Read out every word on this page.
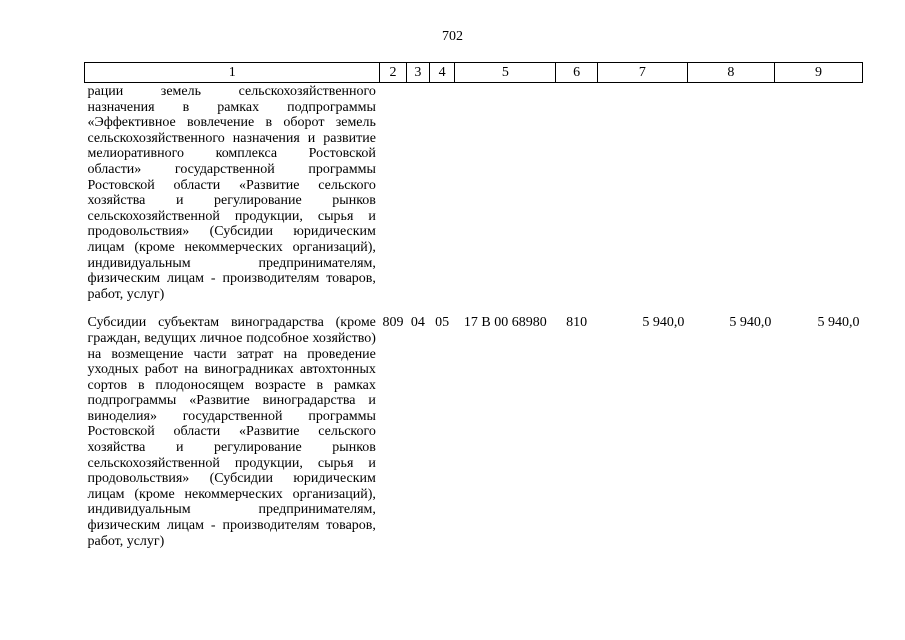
702
1	2	3	4	5	6	7	8	9
рации земель сельскохозяйственного назначения в рамках подпрограммы «Эффективное вовлечение в оборот земель сельскохозяйственного назначения и развитие мелиоративного комплекса Ростовской области» государственной программы Ростовской области «Развитие сельского хозяйства и регулирование рынков сельскохозяйственной продукции, сырья и продовольствия» (Субсидии юридическим лицам (кроме некоммерческих организаций), индивидуальным предпринимателям, физическим лицам - производителям товаров, работ, услуг)								
Субсидии субъектам виноградарства (кроме граждан, ведущих личное подсобное хозяйство) на возмещение части затрат на проведение уходных работ на виноградниках автохтонных сортов в плодоносящем возрасте в рамках подпрограммы «Развитие виноградарства и виноделия» государственной программы Ростовской области «Развитие сельского хозяйства и регулирование рынков сельскохозяйственной продукции, сырья и продовольствия» (Субсидии юридическим лицам (кроме некоммерческих организаций), индивидуальным предпринимателям, физическим лицам - производителям товаров, работ, услуг)	809	04	05	17 В 00 68980	810	5 940,0	5 940,0	5 940,0
